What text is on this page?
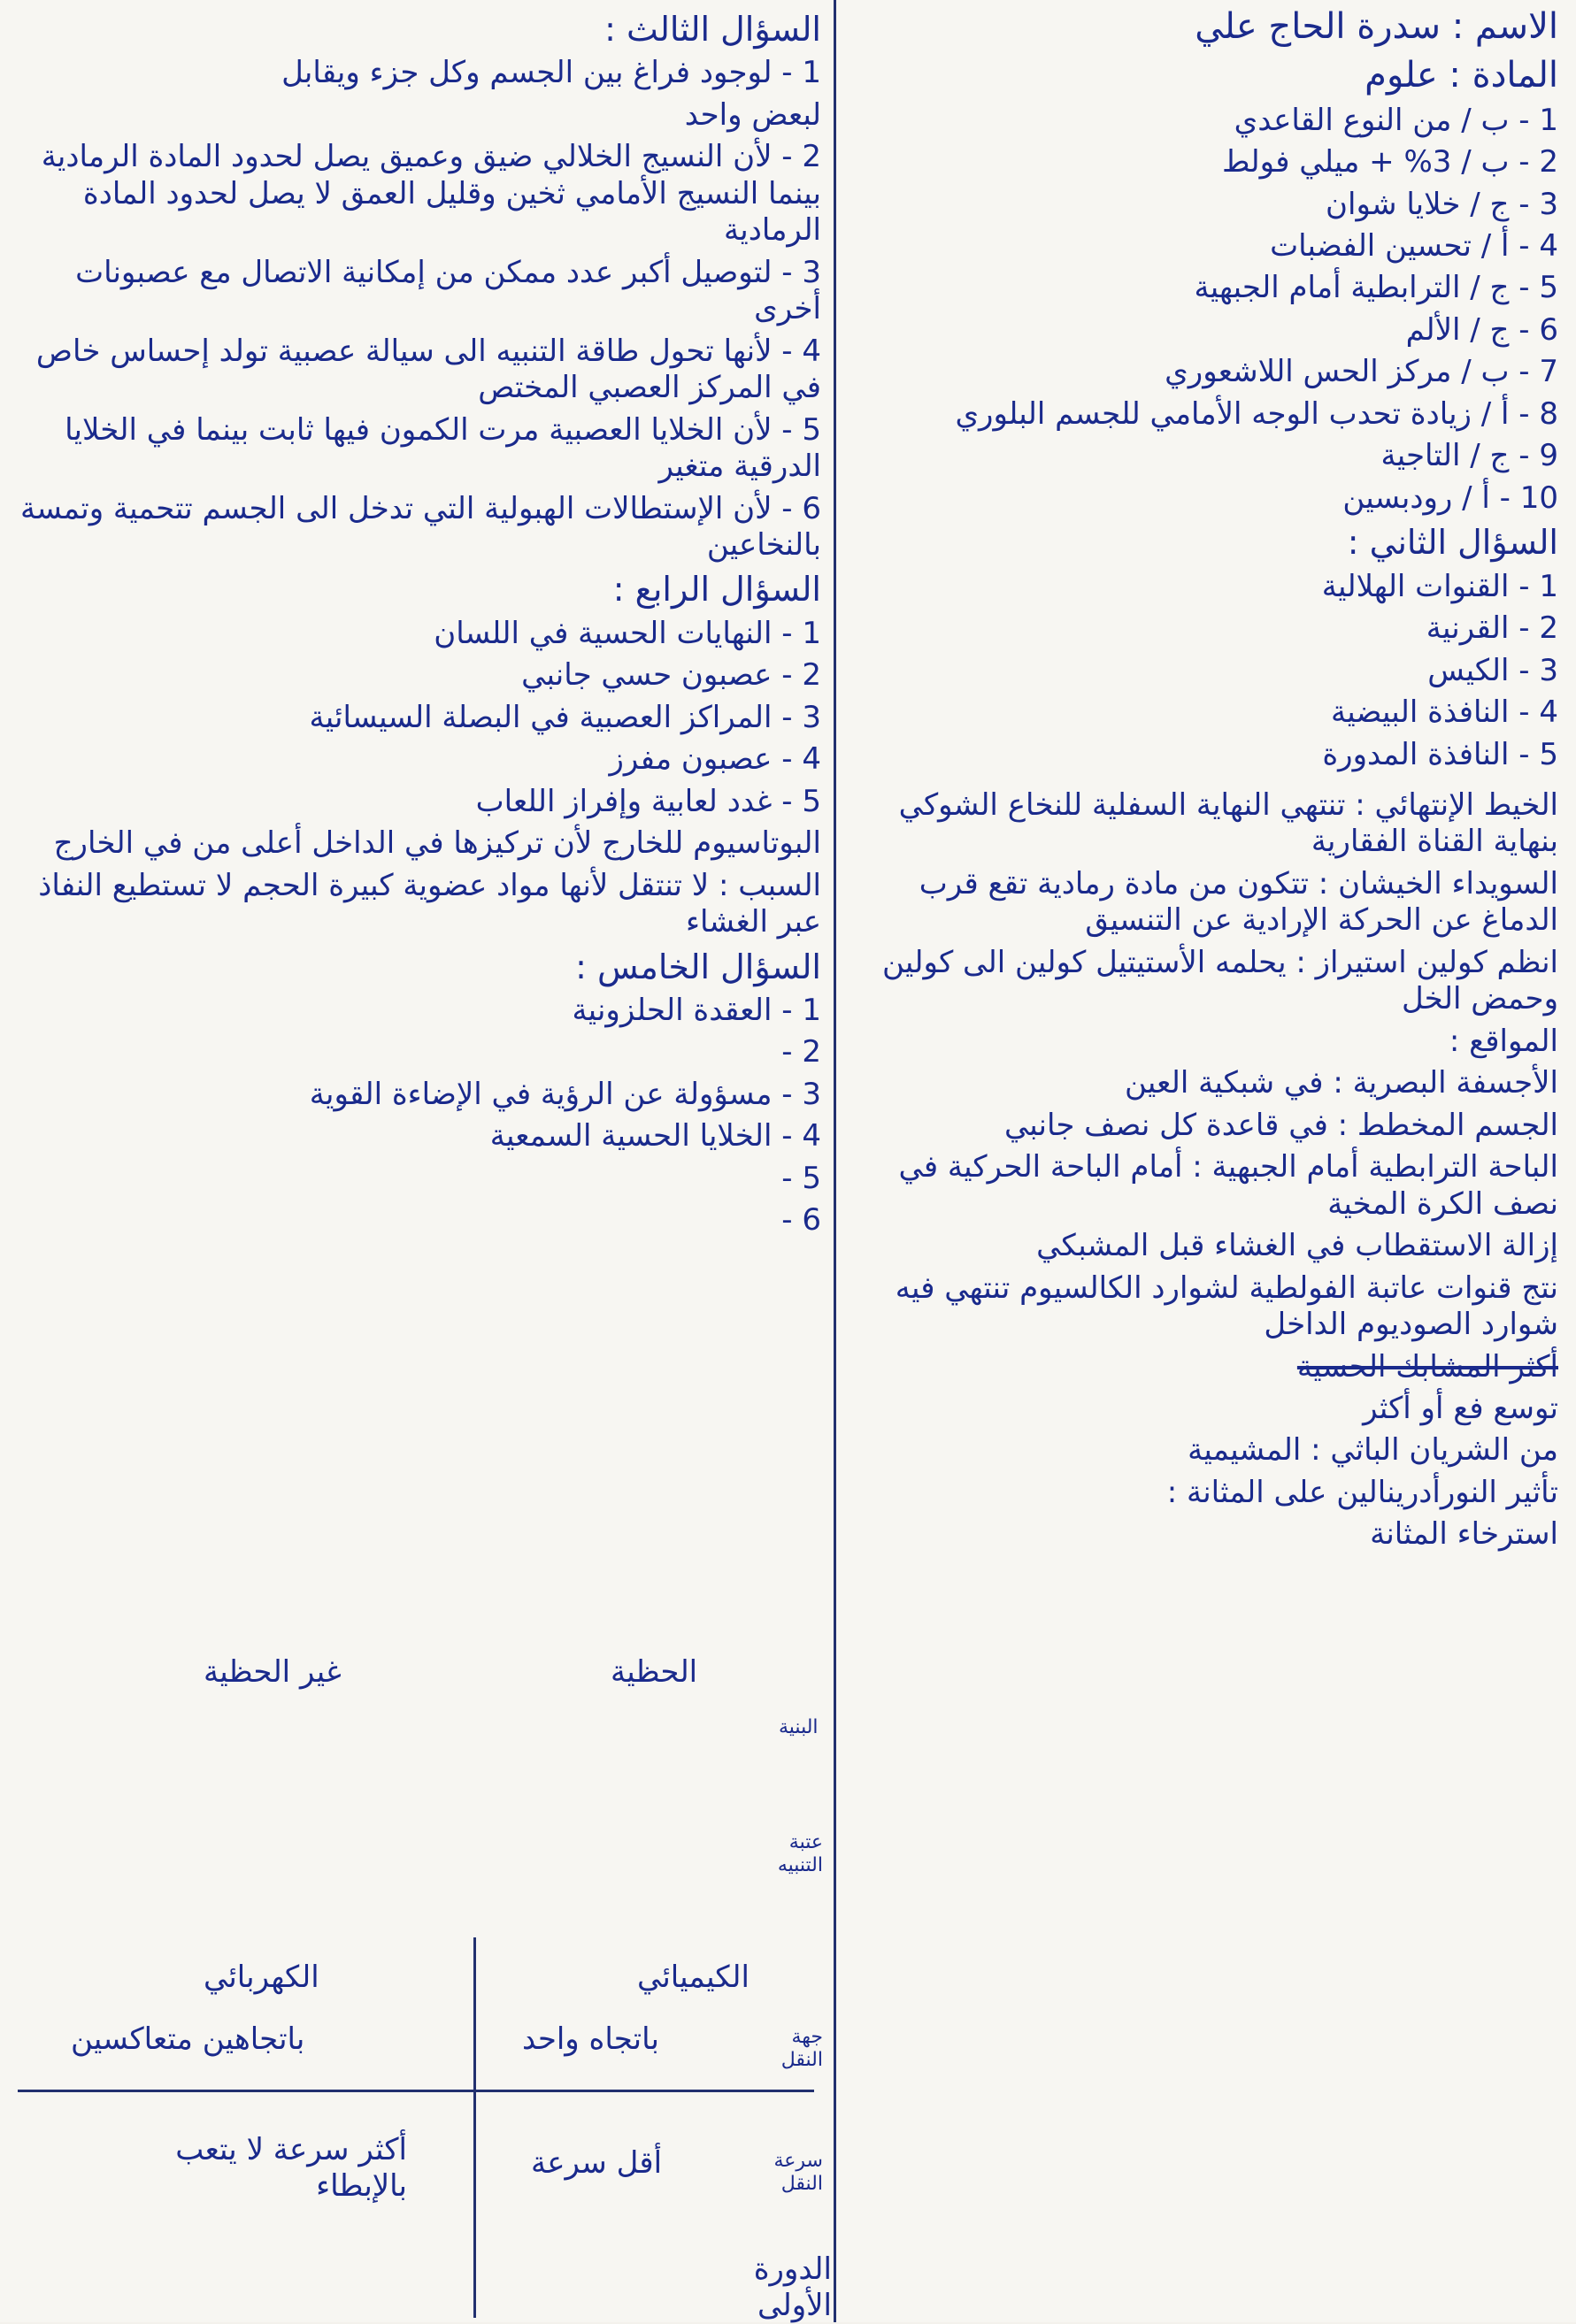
الاسم : سدرة الحاج علي
المادة : علوم
1 - ب / من النوع القاعدي
2 - ب / 3% + ميلي فولط
3 - ج / خلايا شوان
4 - أ / تحسين الفضبات
5 - ج / الترابطية أمام الجبهية
6 - ج / الألم
7 - ب / مركز الحس اللاشعوري
8 - أ / زيادة تحدب الوجه الأمامي للجسم البلوري
9 - ج / التاجية
10 - أ / رودبسين
السؤال الثاني :
1 - القنوات الهلالية
2 - القرنية
3 - الكيس
4 - النافذة البيضية
5 - النافذة المدورة
الخيط الإنتهائي : تنتهي النهاية السفلية للنخاع الشوكي بنهاية القناة الفقارية
السويداء الخيشان : تتكون من مادة رمادية تقع قرب الدماغ عن الحركة الإرادية عن التنسيق
انظم كولين استيراز : يحلمه الأستيتيل كولين الى كولين وحمض الخل
المواقع :
الأجسفة البصرية : في شبكية العين
الجسم المخطط : في قاعدة كل نصف جانبي
الباحة الترابطية أمام الجبهية : أمام الباحة الحركية في نصف الكرة المخية
إزالة الاستقطاب في الغشاء قبل المشبكي
نتج قنوات عاتبة الفولطية لشوارد الكالسيوم تنتهي فيه شوارد الصوديوم الداخل
أكثر المشابك الحسية
توسع فع أو أكثر
من الشريان الباثي : المشيمية
تأثير النورأدرينالين على المثانة :
استرخاء المثانة
السؤال الثالث :
1 - لوجود فراغ بين الجسم وكل جزء ويقابل
لبعض واحد
2 - لأن النسيج الخلالي ضيق وعميق يصل لحدود المادة الرمادية بينما النسيج الأمامي ثخين وقليل العمق لا يصل لحدود المادة الرمادية
3 - لتوصيل أكبر عدد ممكن من إمكانية الاتصال مع عصبونات أخرى
4 - لأنها تحول طاقة التنبيه الى سيالة عصبية تولد إحساس خاص في المركز العصبي المختص
5 - لأن الخلايا العصبية مرت الكمون فيها ثابت بينما في الخلايا الدرقية متغير
6 - لأن الإستطالات الهبولية التي تدخل الى الجسم تتحمية وتمسة بالنخاعين
السؤال الرابع :
1 - النهايات الحسية في اللسان
2 - عصبون حسي جانبي
3 - المراكز العصبية في البصلة السيسائية
4 - عصبون مفرز
5 - غدد لعابية وإفراز اللعاب
البوتاسيوم للخارج لأن تركيزها في الداخل أعلى من في الخارج
السبب : لا تنتقل لأنها مواد عضوية كبيرة الحجم لا تستطيع النفاذ عبر الغشاء
السؤال الخامس :
1 - العقدة الحلزونية
2 -
3 - مسؤولة عن الرؤية في الإضاءة القوية
4 - الخلايا الحسية السمعية
5 -
6 -
الحظية
غير الحظية
البنية
عتبة التنبيه
الكيميائي
الكهربائي
جهة النقل
باتجاه واحد
باتجاهين متعاكسين
سرعة النقل
أقل سرعة
أكثر سرعة لا يتعب بالإبطاء
الدورة الأولى
